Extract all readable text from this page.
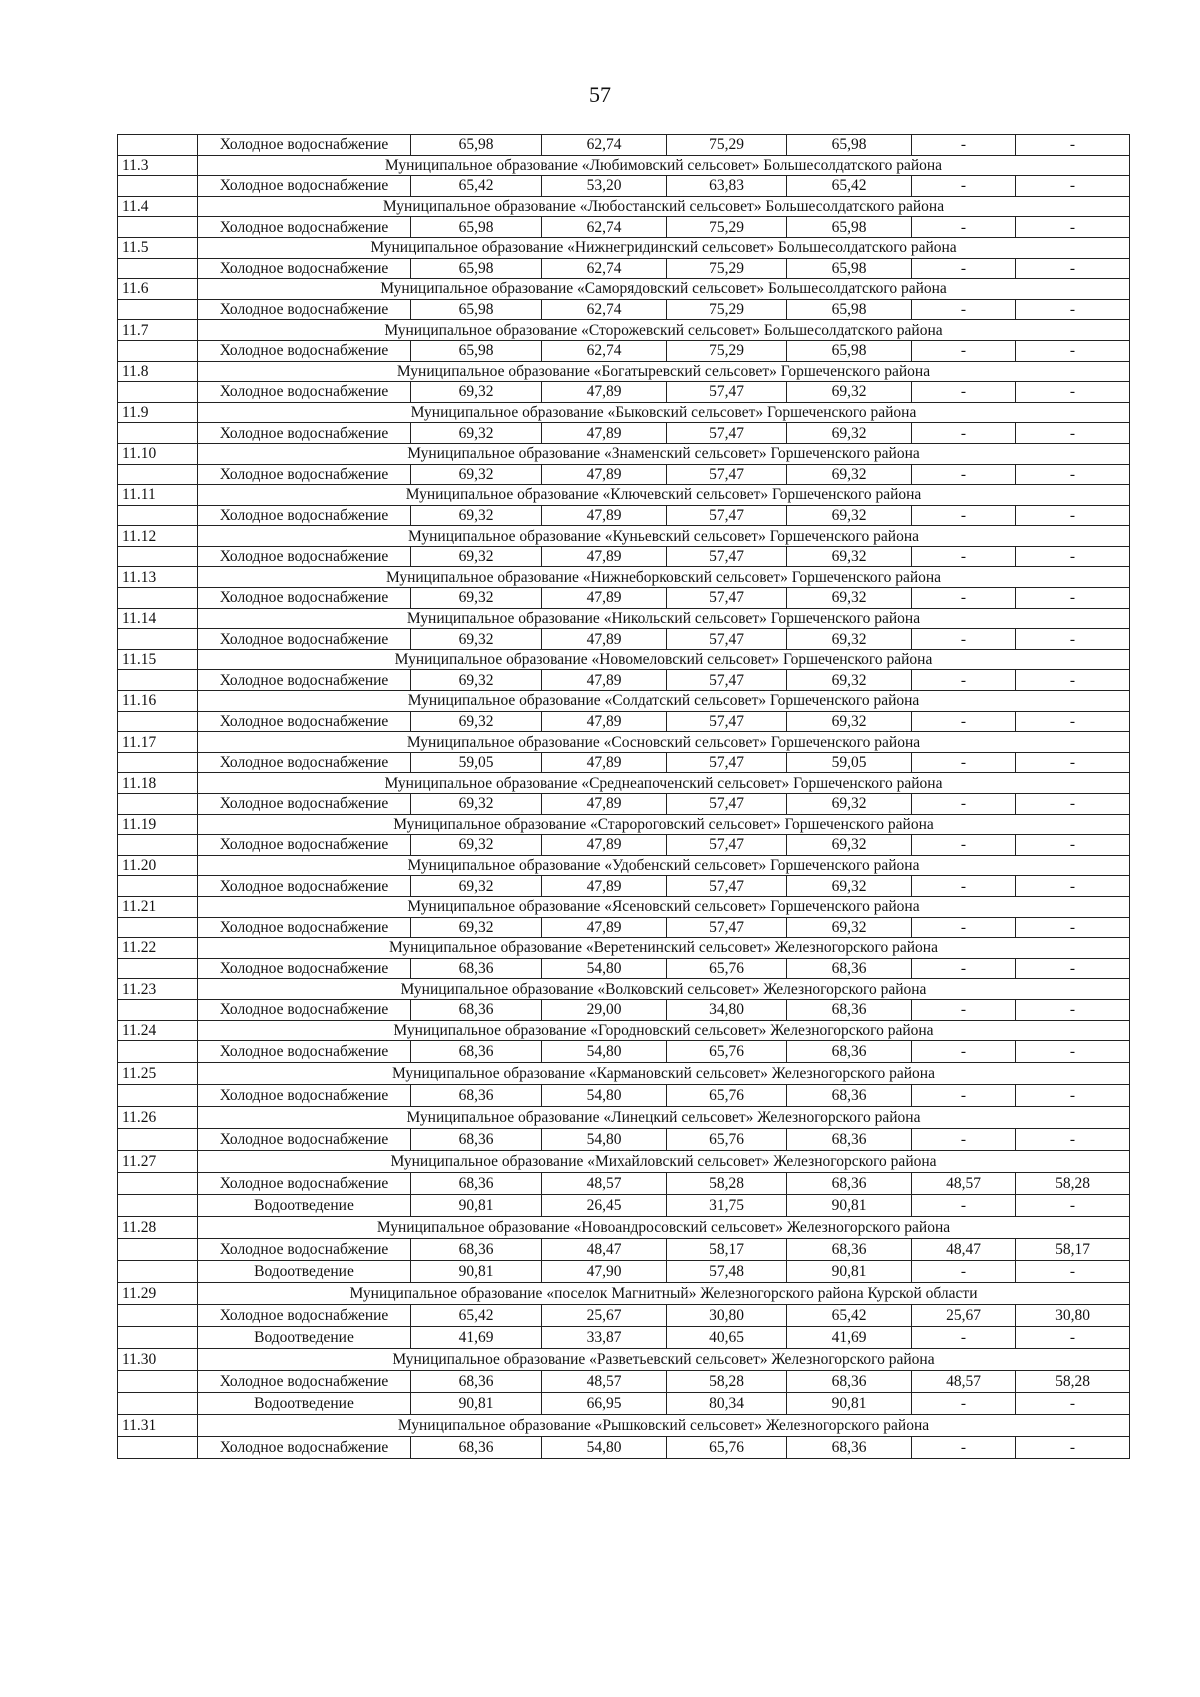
57
	Холодное водоснабжение	65,98	62,74	75,29	65,98	-	-
11.3	Муниципальное образование «Любимовский сельсовет» Большесолдатского района						
	Холодное водоснабжение	65,42	53,20	63,83	65,42	-	-
11.4	Муниципальное образование «Любостанский сельсовет» Большесолдатского района						
	Холодное водоснабжение	65,98	62,74	75,29	65,98	-	-
11.5	Муниципальное образование «Нижнегридинский сельсовет» Большесолдатского района						
	Холодное водоснабжение	65,98	62,74	75,29	65,98	-	-
11.6	Муниципальное образование «Саморядовский сельсовет» Большесолдатского района						
	Холодное водоснабжение	65,98	62,74	75,29	65,98	-	-
11.7	Муниципальное образование «Сторожевский сельсовет» Большесолдатского района						
	Холодное водоснабжение	65,98	62,74	75,29	65,98	-	-
11.8	Муниципальное образование «Богатыревский сельсовет» Горшеченского района						
	Холодное водоснабжение	69,32	47,89	57,47	69,32	-	-
11.9	Муниципальное образование «Быковский сельсовет» Горшеченского района						
	Холодное водоснабжение	69,32	47,89	57,47	69,32	-	-
11.10	Муниципальное образование «Знаменский сельсовет» Горшеченского района						
	Холодное водоснабжение	69,32	47,89	57,47	69,32	-	-
11.11	Муниципальное образование «Ключевский сельсовет» Горшеченского района						
	Холодное водоснабжение	69,32	47,89	57,47	69,32	-	-
11.12	Муниципальное образование «Куньевский сельсовет» Горшеченского района						
	Холодное водоснабжение	69,32	47,89	57,47	69,32	-	-
11.13	Муниципальное образование «Нижнеборковский сельсовет» Горшеченского района						
	Холодное водоснабжение	69,32	47,89	57,47	69,32	-	-
11.14	Муниципальное образование «Никольский сельсовет» Горшеченского района						
	Холодное водоснабжение	69,32	47,89	57,47	69,32	-	-
11.15	Муниципальное образование «Новомеловский сельсовет» Горшеченского района						
	Холодное водоснабжение	69,32	47,89	57,47	69,32	-	-
11.16	Муниципальное образование «Солдатский сельсовет» Горшеченского района						
	Холодное водоснабжение	69,32	47,89	57,47	69,32	-	-
11.17	Муниципальное образование «Сосновский сельсовет» Горшеченского района						
	Холодное водоснабжение	59,05	47,89	57,47	59,05	-	-
11.18	Муниципальное образование «Среднеапоченский сельсовет» Горшеченского района						
	Холодное водоснабжение	69,32	47,89	57,47	69,32	-	-
11.19	Муниципальное образование «Старороговский сельсовет» Горшеченского района						
	Холодное водоснабжение	69,32	47,89	57,47	69,32	-	-
11.20	Муниципальное образование «Удобенский сельсовет» Горшеченского района						
	Холодное водоснабжение	69,32	47,89	57,47	69,32	-	-
11.21	Муниципальное образование «Ясеновский сельсовет» Горшеченского района						
	Холодное водоснабжение	69,32	47,89	57,47	69,32	-	-
11.22	Муниципальное образование «Веретенинский сельсовет» Железногорского района						
	Холодное водоснабжение	68,36	54,80	65,76	68,36	-	-
11.23	Муниципальное образование «Волковский сельсовет» Железногорского района						
	Холодное водоснабжение	68,36	29,00	34,80	68,36	-	-
11.24	Муниципальное образование «Городновский сельсовет» Железногорского района						
	Холодное водоснабжение	68,36	54,80	65,76	68,36	-	-
11.25	Муниципальное образование «Кармановский сельсовет» Железногорского района						
	Холодное водоснабжение	68,36	54,80	65,76	68,36	-	-
11.26	Муниципальное образование «Линецкий сельсовет» Железногорского района						
	Холодное водоснабжение	68,36	54,80	65,76	68,36	-	-
11.27	Муниципальное образование «Михайловский сельсовет» Железногорского района						
	Холодное водоснабжение	68,36	48,57	58,28	68,36	48,57	58,28
	Водоотведение	90,81	26,45	31,75	90,81	-	-
11.28	Муниципальное образование «Новоандросовский сельсовет» Железногорского района						
	Холодное водоснабжение	68,36	48,47	58,17	68,36	48,47	58,17
	Водоотведение	90,81	47,90	57,48	90,81	-	-
11.29	Муниципальное образование «поселок Магнитный» Железногорского района Курской области						
	Холодное водоснабжение	65,42	25,67	30,80	65,42	25,67	30,80
	Водоотведение	41,69	33,87	40,65	41,69	-	-
11.30	Муниципальное образование «Разветьевский сельсовет» Железногорского района						
	Холодное водоснабжение	68,36	48,57	58,28	68,36	48,57	58,28
	Водоотведение	90,81	66,95	80,34	90,81	-	-
11.31	Муниципальное образование «Рышковский сельсовет» Железногорского района						
	Холодное водоснабжение	68,36	54,80	65,76	68,36	-	-
